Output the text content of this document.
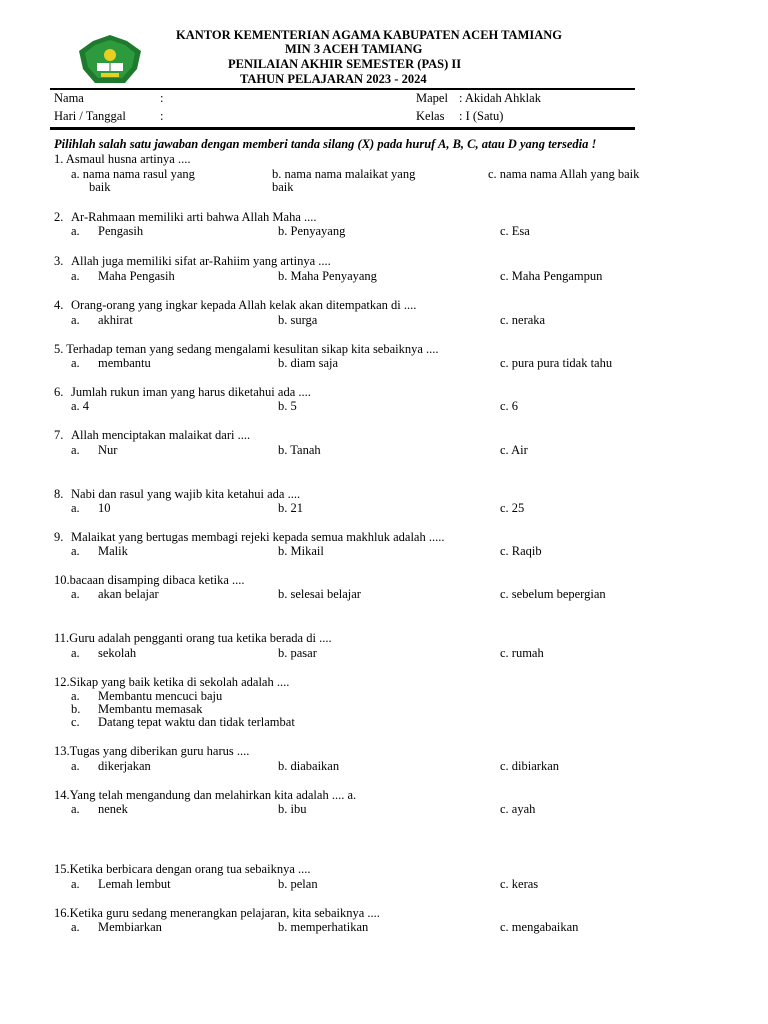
KANTOR KEMENTERIAN AGAMA KABUPATEN ACEH TAMIANG
MIN 3 ACEH TAMIANG
PENILAIAN AKHIR SEMESTER (PAS) II
TAHUN PELAJARAN 2023 - 2024
Nama	:	Mapel : Akidah Ahklak
Hari / Tanggal	:	Kelas : I (Satu)
Pilihlah salah satu jawaban dengan memberi tanda silang (X) pada huruf A, B, C, atau D yang tersedia !
1. Asmaul husna artinya ....
a. nama nama rasul yang
baik
b. nama nama malaikat yang
baik
c. nama nama Allah yang baik
2. Ar-Rahmaan memiliki arti bahwa Allah Maha ....
a. Pengasih	b. Penyayang	c. Esa
3. Allah juga memiliki sifat ar-Rahiim yang artinya ....
a. Maha Pengasih	b. Maha Penyayang	c. Maha Pengampun
4. Orang-orang yang ingkar kepada Allah kelak akan ditempatkan di ....
a. akhirat	b. surga	c. neraka
5. Terhadap teman yang sedang mengalami kesulitan sikap kita sebaiknya ....
a. membantu	b. diam saja	c. pura pura tidak tahu
6. Jumlah rukun iman yang harus diketahui ada ....
a. 4	b. 5	c. 6
7. Allah menciptakan malaikat dari ....
a. Nur	b. Tanah	c. Air
8. Nabi dan rasul yang wajib kita ketahui ada ....
a. 10	b. 21	c. 25
9. Malaikat yang bertugas membagi rejeki kepada semua makhluk adalah .....
a. Malik	b. Mikail	c. Raqib
10.bacaan disamping dibaca ketika ....
a. akan belajar	b. selesai belajar	c. sebelum bepergian
11.Guru adalah pengganti orang tua ketika berada di ....
a. sekolah	b. pasar	c. rumah
12.Sikap yang baik ketika di sekolah adalah ....
a. Membantu mencuci baju
b. Membantu memasak
c. Datang tepat waktu dan tidak terlambat
13.Tugas yang diberikan guru harus ....
a. dikerjakan	b. diabaikan	c. dibiarkan
14.Yang telah mengandung dan melahirkan kita adalah .... a.
a. nenek	b. ibu	c. ayah
15.Ketika berbicara dengan orang tua sebaiknya ....
a. Lemah lembut	b. pelan	c. keras
16.Ketika guru sedang menerangkan pelajaran, kita sebaiknya ....
a. Membiarkan	b. memperhatikan	c. mengabaikan
